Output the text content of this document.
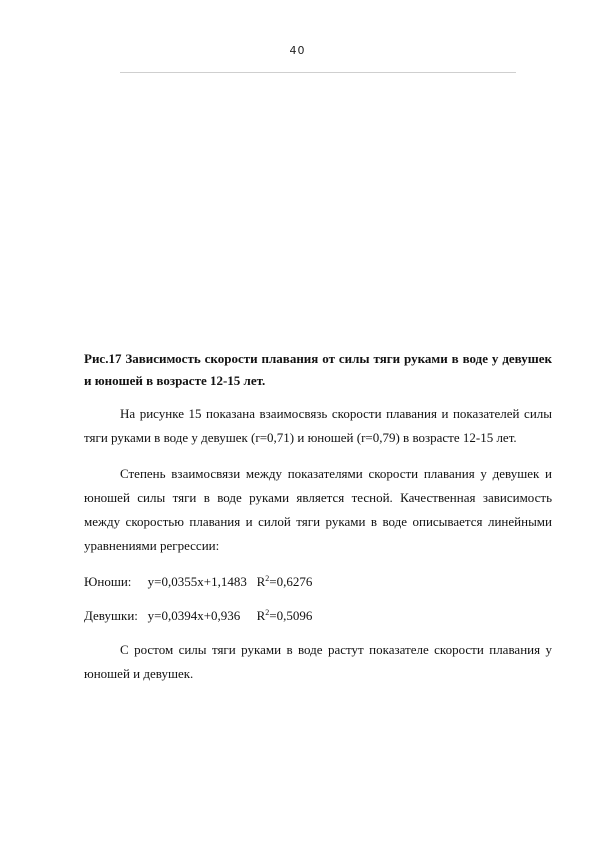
40

Рис.17 Зависимость скорости плавания от силы тяги руками в воде у девушек и юношей в возрасте 12-15 лет.

На рисунке 15 показана взаимосвязь скорости плавания и показателей силы тяги руками в воде у девушек (r=0,71) и юношей (r=0,79) в возрасте 12-15 лет.

Степень взаимосвязи между показателями скорости плавания у девушек и юношей силы тяги в воде руками является тесной. Качественная зависимость между скоростью плавания и силой тяги руками в воде описывается линейными уравнениями регрессии:

Юноши: y=0,0355x+1,1483 $R^2=0,6276$
Девушки: y=0,0394x+0,936 $R^2=0,5096$

С ростом силы тяги руками в воде растут показателе скорости плавания у юношей и девушек.
